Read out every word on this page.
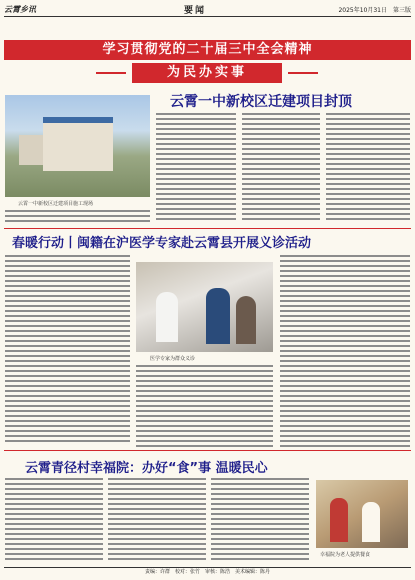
云霄乡讯	要闻	2025年10月31日　第三版
学习贯彻党的二十届三中全会精神
为民办实事
云霄一中新校区迁建项目施工现场
云霄一中新校区迁建项目封顶
春暖行动丨闽籍在沪医学专家赴云霄县开展义诊活动
医学专家为群众义诊
云霄青径村幸福院：办好“食”事 温暖民心
幸福院为老人提供餐食
责编：许群　校对：张竹　审核：陈浩　美术编辑：陈丹
